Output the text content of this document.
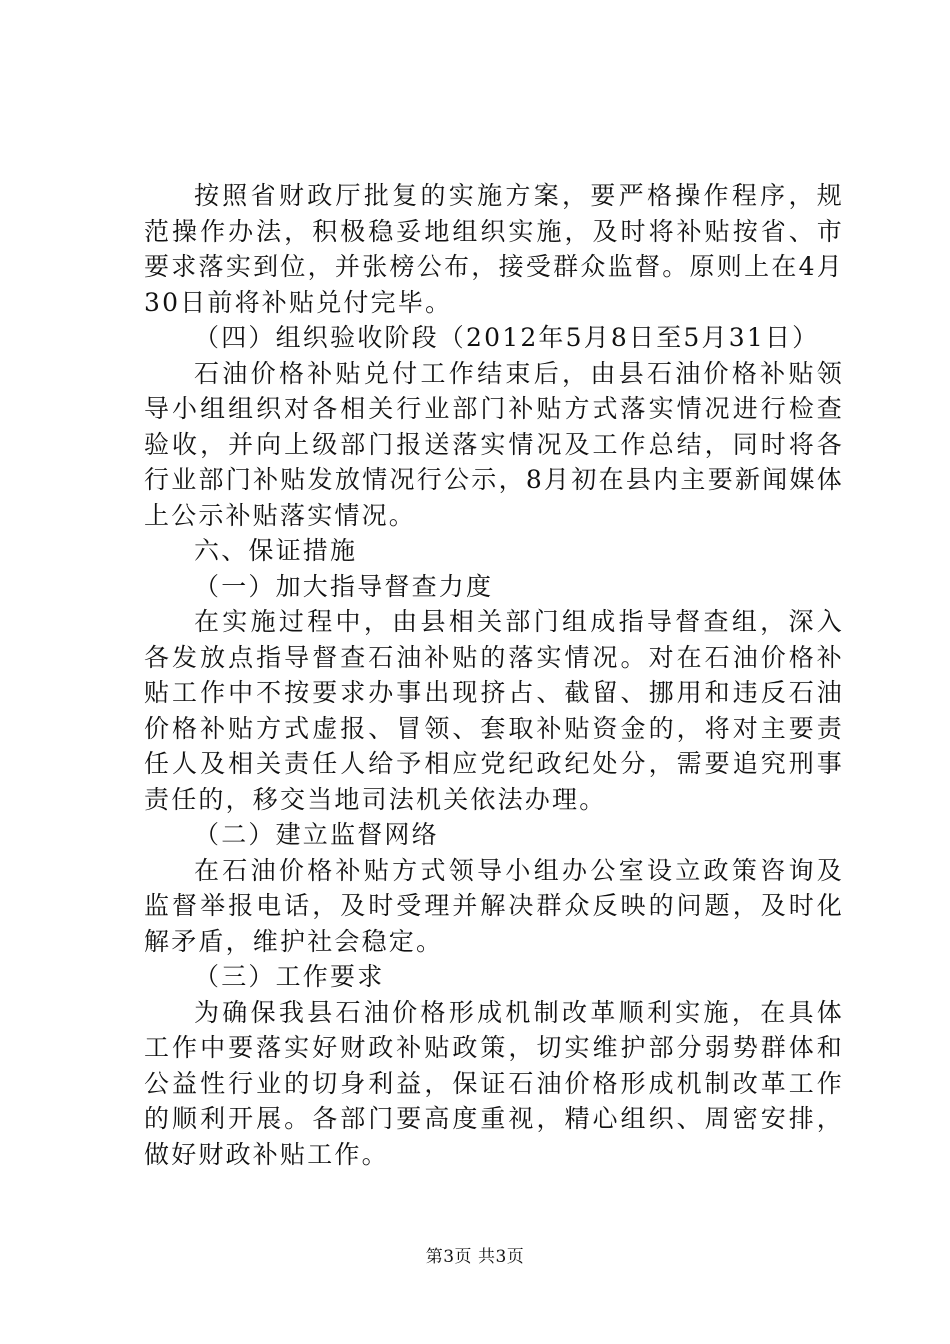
按照省财政厅批复的实施方案，要严格操作程序，规范操作办法，积极稳妥地组织实施，及时将补贴按省、市要求落实到位，并张榜公布，接受群众监督。原则上在4月30日前将补贴兑付完毕。

（四）组织验收阶段（2012年5月8日至5月31日）

石油价格补贴兑付工作结束后，由县石油价格补贴领导小组组织对各相关行业部门补贴方式落实情况进行检查验收，并向上级部门报送落实情况及工作总结，同时将各行业部门补贴发放情况行公示，8月初在县内主要新闻媒体上公示补贴落实情况。

六、保证措施

（一）加大指导督查力度

在实施过程中，由县相关部门组成指导督查组，深入各发放点指导督查石油补贴的落实情况。对在石油价格补贴工作中不按要求办事出现挤占、截留、挪用和违反石油价格补贴方式虚报、冒领、套取补贴资金的，将对主要责任人及相关责任人给予相应党纪政纪处分，需要追究刑事责任的，移交当地司法机关依法办理。

（二）建立监督网络

在石油价格补贴方式领导小组办公室设立政策咨询及监督举报电话，及时受理并解决群众反映的问题，及时化解矛盾，维护社会稳定。

（三）工作要求

为确保我县石油价格形成机制改革顺利实施，在具体工作中要落实好财政补贴政策，切实维护部分弱势群体和公益性行业的切身利益，保证石油价格形成机制改革工作的顺利开展。各部门要高度重视，精心组织、周密安排，做好财政补贴工作。

第3页 共3页
